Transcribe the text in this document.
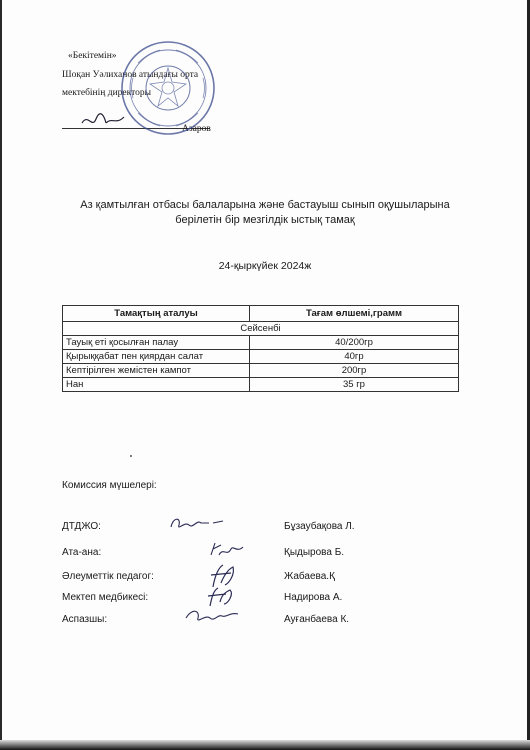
«Бекітемін»
Шоқан Уәлиханов атындағы орта
мектебінің директоры
Азаров
Аз қамтылған отбасы балаларына және бастауыш сынып оқушыларына
берілетін бір мезгілдік ыстық тамақ
24-қыркүйек 2024ж
Тамақтың аталуы	Тағам өлшемі,грамм
Сейсенбі	
Тауық еті қосылған палау	40/200гр
Қырыққабат пен қиярдан салат	40гр
Кептірілген жемістен кампот	200гр
Нан	35 гр
Комиссия мүшелері:
ДТДЖО:	Бұзаубақова Л.
Ата-ана:	Қыдырова Б.
Әлеуметтік педагог:	Жабаева.Қ
Мектеп медбикесі:	Надирова А.
Аспазшы:	Ауғанбаева К.
